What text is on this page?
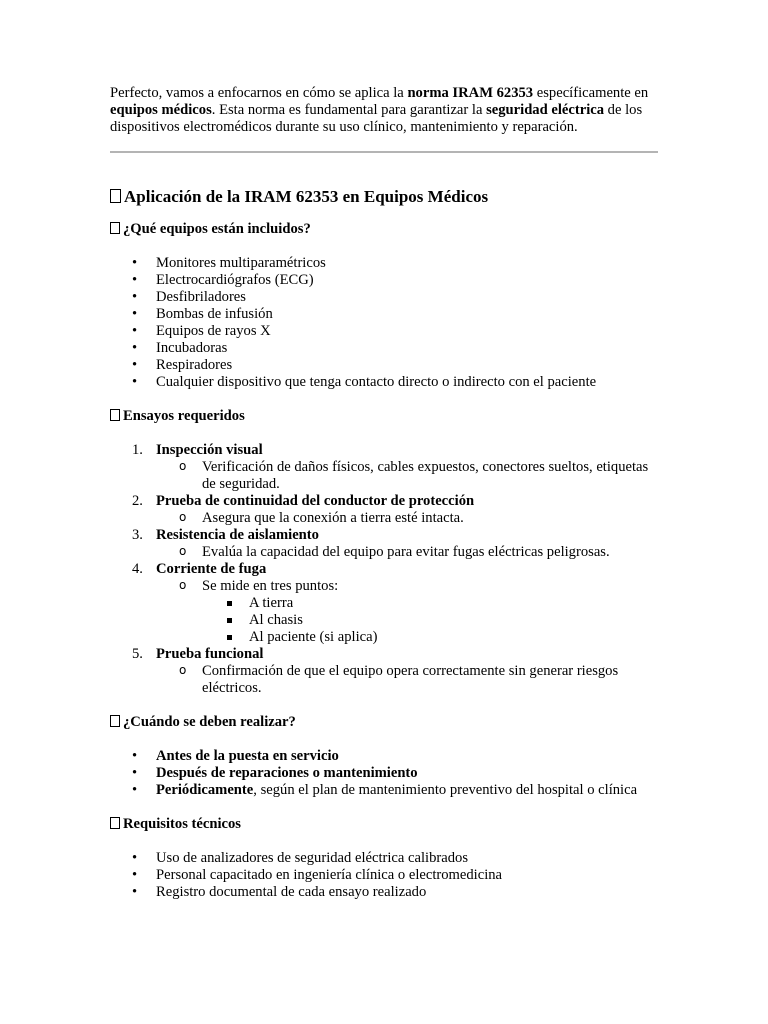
Perfecto, vamos a enfocarnos en cómo se aplica la norma IRAM 62353 específicamente en equipos médicos. Esta norma es fundamental para garantizar la seguridad eléctrica de los dispositivos electromédicos durante su uso clínico, mantenimiento y reparación.

Aplicación de la IRAM 62353 en Equipos Médicos
¿Qué equipos están incluidos?
• Monitores multiparamétricos
• Electrocardiógrafos (ECG)
• Desfibriladores
• Bombas de infusión
• Equipos de rayos X
• Incubadoras
• Respiradores
• Cualquier dispositivo que tenga contacto directo o indirecto con el paciente
Ensayos requeridos
1. Inspección visual
o Verificación de daños físicos, cables expuestos, conectores sueltos, etiquetas de seguridad.
2. Prueba de continuidad del conductor de protección
o Asegura que la conexión a tierra esté intacta.
3. Resistencia de aislamiento
o Evalúa la capacidad del equipo para evitar fugas eléctricas peligrosas.
4. Corriente de fuga
o Se mide en tres puntos:
A tierra
Al chasis
Al paciente (si aplica)
5. Prueba funcional
o Confirmación de que el equipo opera correctamente sin generar riesgos eléctricos.
¿Cuándo se deben realizar?
• Antes de la puesta en servicio
• Después de reparaciones o mantenimiento
• Periódicamente, según el plan de mantenimiento preventivo del hospital o clínica
Requisitos técnicos
• Uso de analizadores de seguridad eléctrica calibrados
• Personal capacitado en ingeniería clínica o electromedicina
• Registro documental de cada ensayo realizado
